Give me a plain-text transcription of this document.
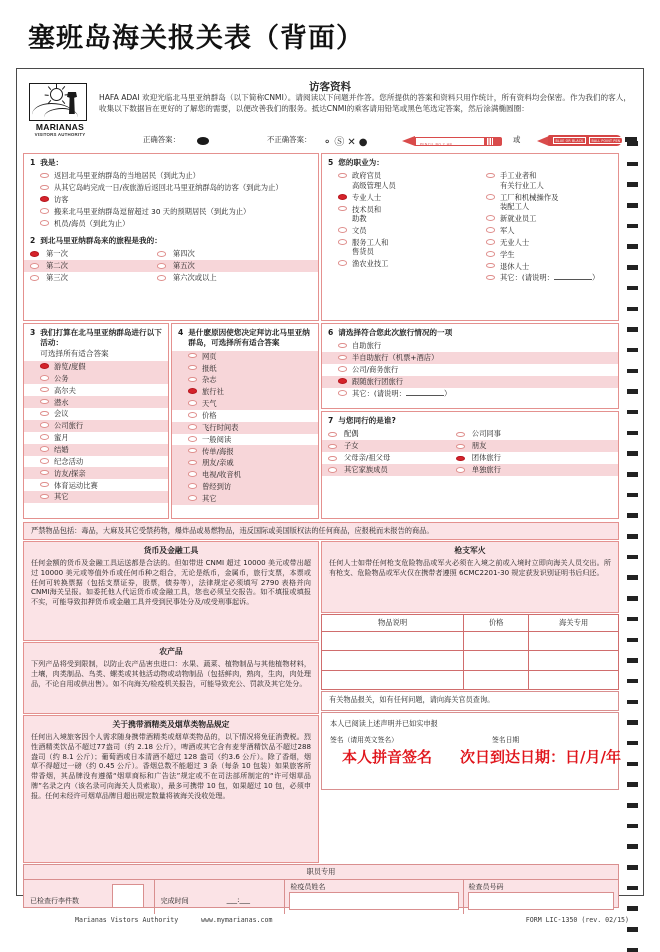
塞班岛海关报关表（背面）
MARIANAS
VISITORS AUTHORITY
访客资料
HAFA ADAI 欢迎光临北马里亚纳群岛（以下简称CNMI）。请阅读以下问题并作答。您所提供的答案和资料只用作统计，所有资料均会保密。作为我们的客人，收集以下数据旨在更好的了解您的需要，以便改善我们的服务。抵达CNMI的乘客请用铅笔或黑色笔选定答案，然后涂满椭圆圈：
正确答案：	不正确答案： ⚬Ⓢ✕●	PENCIL NO.2 HB	或	BLUE OR BLACK	BALL POINT PEN
1 我是：
返回北马里亚纳群岛的当地居民（到此为止）
从其它岛屿完成一日/夜旅游后返回北马里亚纳群岛的访客（到此为止）
访客
搬来北马里亚纳群岛逗留超过 30 天的预期居民（到此为止）
机员/海员（到此为止）
2 到北马里亚纳群岛来的旅程是我的：
第一次	第四次
第二次	第五次
第三次	第六次或以上
3 我们打算在北马里亚纳群岛进行以下活动：
可选择所有适合答案
游览/度假
公务
高尔夫
潜水
会议
公司旅行
蜜月
结婚
纪念活动
访友/探亲
体育运动比赛
其它
4 是什麽原因使您决定拜访北马里亚纳群岛，可选择所有适合答案
网页
报纸
杂志
旅行社
天气
价格
飞行时间表
一般阅读
传单/海报
朋友/亲戚
电视/收音机
曾经到访
其它
5 您的职业为：
政府官员
高级管理人员
专业人士
技术员和
助教
文员
服务工人和
售货员
渔农业技工
手工业者和
有关行业工人
工厂和机械操作及
装配工人
新就业员工
军人
无业人士
学生
退休人士
其它：(请说明：	）
6 请选择符合您此次旅行情况的一项
自助旅行
半自助旅行（机票+酒店）
公司/商务旅行
跟随旅行团旅行
其它：(请说明：	）
7 与您同行的是谁?
配偶	公司同事
子女	朋友
父母亲/祖父母	团体旅行
其它家族成员	单独旅行
严禁物品包括：毒品，大麻及其它受禁药物，爆炸品或易燃物品，违反国际或美国版权法的任何商品，应报税而未报告的商品。
货币及金融工具
任何金额的货币及金融工具运送都是合法的。但如带进 CNMI 超过 10000 美元或带出超过 10000 美元或等值外币或任何币种之组合，无论是纸币，金属币，旅行支票，本票或任何可转换票据（包括支票证券，股票，债券等），法律规定必须填写 2790 表格并向CNMI海关呈报。如委托他人代运货币或金融工具，您也必须呈交报告。如不填报或填报不实，可能导致扣押货币或金融工具并受到民事处分及/或受刑事起诉。
农产品
下列产品将受到限制，以防止农产品害虫进口：水果、蔬菜、植物制品与其他植物材料，土壤，肉类制品、鸟类、螺类或其他活动物或动物制品（包括鲜肉，熟肉，生肉，肉处理品，不论自用或供出售）。如不向海关/检疫机关报告，可能导致充公、罚款及其它处分。
关于携带酒精类及烟草类物品规定
任何出入境旅客因个人需求随身携带酒精类或烟草类物品的，以下情况将免征消费税。烈性酒精类饮品不超过77盎司（约 2.18 公斤），啤酒或其它含有麦芽酒精饮品不超过288盎司（约 8.1 公斤）；葡萄酒或日本清酒不超过 128 盎司（约3.6 公斤）。除了香烟，烟草不得超过一磅（约 0.45 公斤）。香烟总数不能超过 3 条（每条 10 包装）如果旅客所带香烟，其品牌没有遵循“烟草商标和广告法”规定或不在司法部所制定的“许可烟草品牌”名录之内（该名录可向海关人员索取），最多可携带 10 包，如果超过 10 包，必须申报。任何未经许可烟草品牌目超出规定数量将被海关没收处理。
枪支军火
任何人士如带任何枪支危险物品或军火必须在入境之前或入境时立即向海关人员交出。所有枪支、危险物品或军火仅在携带者遵照 6CMC2201-30 规定获发识别证明书后归还。
物品说明	价格	海关专用
有关物品报关，如有任何问题，请向海关官员查询。
本人已阅读上述声明并已如实申报
签名（请用英文签名）	签名日期
本人拼音签名 次日到达日期：日/月/年
职员专用
已检查行李件数	完成时间	___:___
检疫员姓名	检查员号码
Marianas Vistors Authority	www.mymarianas.com	FORM LIC-1350 (rev. 02/15)
